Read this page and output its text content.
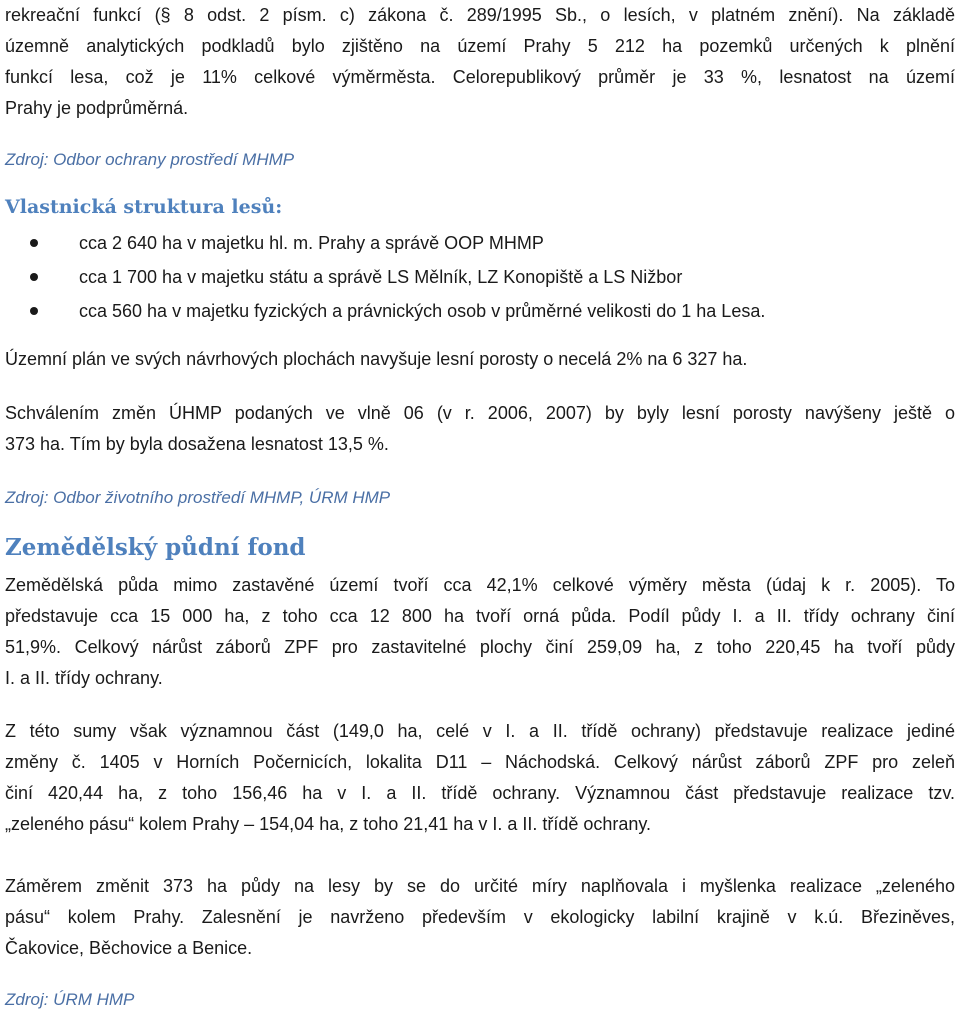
rekreační funkcí (§ 8 odst. 2 písm. c) zákona č. 289/1995 Sb., o lesích, v platném znění). Na základě
územně analytických podkladů bylo zjištěno na území Prahy 5 212 ha pozemků určených k plnění
funkcí lesa, což je 11% celkové výměrměsta. Celorepublikový průměr je 33 %, lesnatost na území
Prahy je podprůměrná.
Zdroj: Odbor ochrany prostředí MHMP
Vlastnická struktura lesů:
cca 2 640 ha v majetku hl. m. Prahy a správě OOP MHMP
cca 1 700 ha v majetku státu a správě LS Mělník, LZ Konopiště a LS Nižbor
cca 560 ha v majetku fyzických a právnických osob v průměrné velikosti do 1 ha Lesa.
Územní plán ve svých návrhových plochách navyšuje lesní porosty o necelá 2% na 6 327 ha.
Schválením změn ÚHMP podaných ve vlně 06 (v r. 2006, 2007) by byly lesní porosty navýšeny ještě o
373 ha. Tím by byla dosažena lesnatost 13,5 %.
Zdroj: Odbor životního prostředí MHMP, ÚRM HMP
Zemědělský půdní fond
Zemědělská půda mimo zastavěné území tvoří cca 42,1% celkové výměry města (údaj k r. 2005). To
představuje cca 15 000 ha, z toho cca 12 800 ha tvoří orná půda. Podíl půdy I. a II. třídy ochrany činí
51,9%. Celkový nárůst záborů ZPF pro zastavitelné plochy činí 259,09 ha, z toho 220,45 ha tvoří půdy
I. a II. třídy ochrany.
Z této sumy však významnou část (149,0 ha, celé v I. a II. třídě ochrany) představuje realizace jediné
změny č. 1405 v Horních Počernicích, lokalita D11 – Náchodská. Celkový nárůst záborů ZPF pro zeleň
činí 420,44 ha, z toho 156,46 ha v I. a II. třídě ochrany. Významnou část představuje realizace tzv.
„zeleného pásu“ kolem Prahy – 154,04 ha, z toho 21,41 ha v I. a II. třídě ochrany.
Záměrem změnit 373 ha půdy na lesy by se do určité míry naplňovala i myšlenka realizace „zeleného
pásu“ kolem Prahy. Zalesnění je navrženo především v ekologicky labilní krajině v k.ú. Březiněves,
Čakovice, Běchovice a Benice.
Zdroj: ÚRM HMP
